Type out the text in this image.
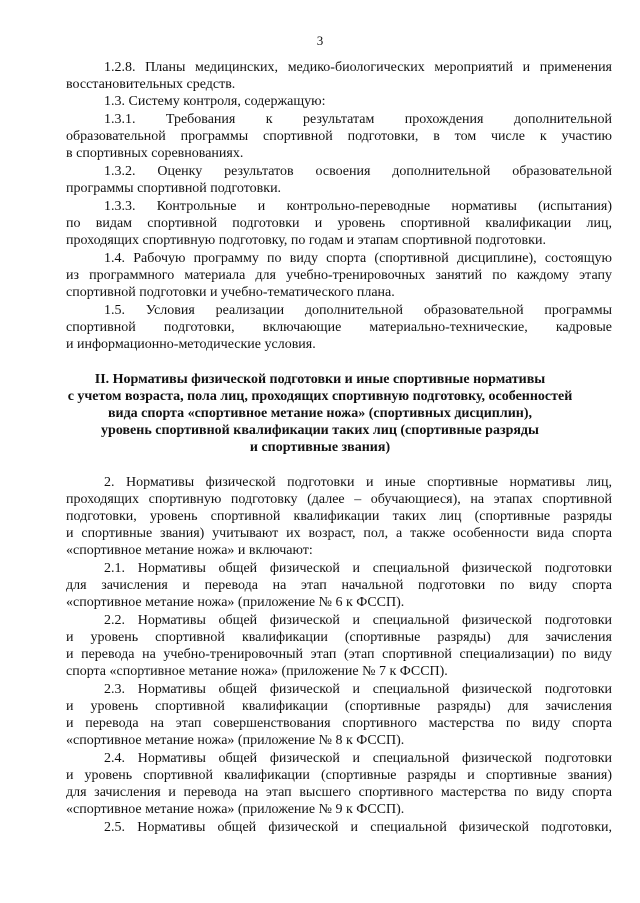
3
1.2.8. Планы медицинских, медико-биологических мероприятий и применения
восстановительных средств.
1.3. Систему контроля, содержащую:
1.3.1. Требования к результатам прохождения дополнительной
образовательной программы спортивной подготовки, в том числе к участию
в спортивных соревнованиях.
1.3.2. Оценку результатов освоения дополнительной образовательной
программы спортивной подготовки.
1.3.3. Контрольные и контрольно-переводные нормативы (испытания)
по видам спортивной подготовки и уровень спортивной квалификации лиц,
проходящих спортивную подготовку, по годам и этапам спортивной подготовки.
1.4. Рабочую программу по виду спорта (спортивной дисциплине), состоящую
из программного материала для учебно-тренировочных занятий по каждому этапу
спортивной подготовки и учебно-тематического плана.
1.5. Условия реализации дополнительной образовательной программы
спортивной подготовки, включающие материально-технические, кадровые
и информационно-методические условия.
II. Нормативы физической подготовки и иные спортивные нормативы
с учетом возраста, пола лиц, проходящих спортивную подготовку, особенностей
вида спорта «спортивное метание ножа» (спортивных дисциплин),
уровень спортивной квалификации таких лиц (спортивные разряды
и спортивные звания)
2. Нормативы физической подготовки и иные спортивные нормативы лиц,
проходящих спортивную подготовку (далее – обучающиеся), на этапах спортивной
подготовки, уровень спортивной квалификации таких лиц (спортивные разряды
и спортивные звания) учитывают их возраст, пол, а также особенности вида спорта
«спортивное метание ножа» и включают:
2.1. Нормативы общей физической и специальной физической подготовки
для зачисления и перевода на этап начальной подготовки по виду спорта
«спортивное метание ножа» (приложение № 6 к ФССП).
2.2. Нормативы общей физической и специальной физической подготовки
и уровень спортивной квалификации (спортивные разряды) для зачисления
и перевода на учебно-тренировочный этап (этап спортивной специализации) по виду
спорта «спортивное метание ножа» (приложение № 7 к ФССП).
2.3. Нормативы общей физической и специальной физической подготовки
и уровень спортивной квалификации (спортивные разряды) для зачисления
и перевода на этап совершенствования спортивного мастерства по виду спорта
«спортивное метание ножа» (приложение № 8 к ФССП).
2.4. Нормативы общей физической и специальной физической подготовки
и уровень спортивной квалификации (спортивные разряды и спортивные звания)
для зачисления и перевода на этап высшего спортивного мастерства по виду спорта
«спортивное метание ножа» (приложение № 9 к ФССП).
2.5. Нормативы общей физической и специальной физической подготовки,
